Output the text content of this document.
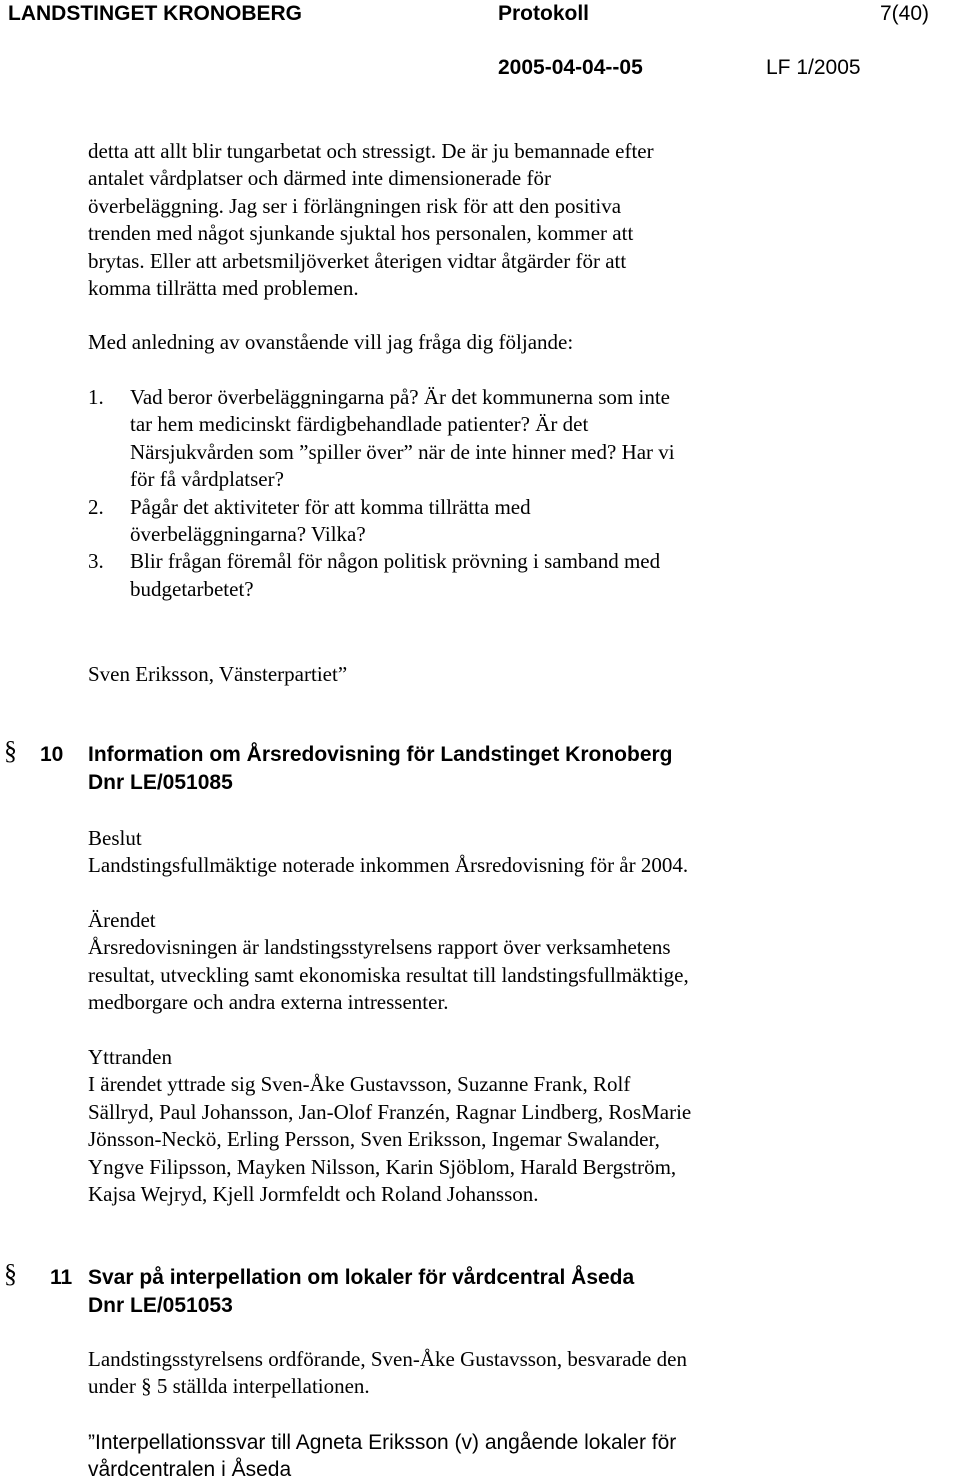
LANDSTINGET KRONOBERG	Protokoll	7(40)
2005-04-04--05	LF 1/2005
detta att allt blir tungarbetat och stressigt. De är ju bemannade efter
antalet vårdplatser och därmed inte dimensionerade för
överbeläggning. Jag ser i förlängningen risk för att den positiva
trenden med något sjunkande sjuktal hos personalen, kommer att
brytas. Eller att arbetsmiljöverket återigen vidtar åtgärder för att
komma tillrätta med problemen.
Med anledning av ovanstående vill jag fråga dig följande:
1. Vad beror överbeläggningarna på? Är det kommunerna som inte
tar hem medicinskt färdigbehandlade patienter? Är det
Närsjukvården som ”spiller över” när de inte hinner med? Har vi
för få vårdplatser?
2. Pågår det aktiviteter för att komma tillrätta med
överbeläggningarna? Vilka?
3. Blir frågan föremål för någon politisk prövning i samband med
budgetarbetet?
Sven Eriksson, Vänsterpartiet”
§ 10 Information om Årsredovisning för Landstinget Kronoberg
Dnr LE/051085
Beslut
Landstingsfullmäktige noterade inkommen Årsredovisning för år 2004.
Ärendet
Årsredovisningen är landstingsstyrelsens rapport över verksamhetens
resultat, utveckling samt ekonomiska resultat till landstingsfullmäktige,
medborgare och andra externa intressenter.
Yttranden
I ärendet yttrade sig Sven-Åke Gustavsson, Suzanne Frank, Rolf
Sällryd, Paul Johansson, Jan-Olof Franzén, Ragnar Lindberg, RosMarie
Jönsson-Neckö, Erling Persson, Sven Eriksson, Ingemar Swalander,
Yngve Filipsson, Mayken Nilsson, Karin Sjöblom, Harald Bergström,
Kajsa Wejryd, Kjell Jormfeldt och Roland Johansson.
§ 11 Svar på interpellation om lokaler för vårdcentral Åseda
Dnr LE/051053
Landstingsstyrelsens ordförande, Sven-Åke Gustavsson, besvarade den
under § 5 ställda interpellationen.
”Interpellationssvar till Agneta Eriksson (v) angående lokaler för
vårdcentralen i Åseda
